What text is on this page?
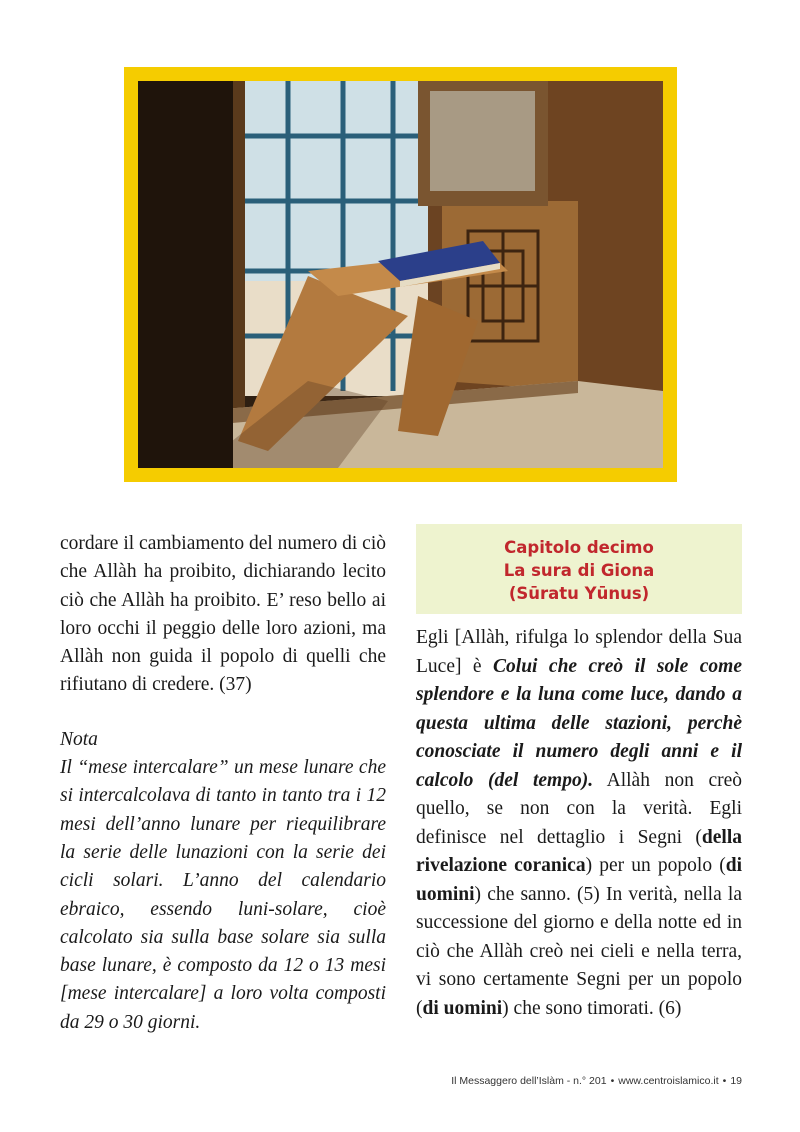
cordare il cambiamento del numero di ciò che Allàh ha proibito, dichiarando lecito ciò che Allàh ha proibito. E’ reso bello ai loro occhi il peggio delle loro azioni, ma Allàh non guida il popolo di quelli che rifiutano di credere. (37)

Nota
Il “mese intercalare” un mese lunare che si intercalcolava di tanto in tanto tra i 12 mesi dell’anno lunare per riequilibrare la serie delle lunazioni con la serie dei cicli solari. L’anno del calendario ebraico, essendo luni-solare, cioè calcolato sia sulla base solare sia sulla base lunare, è composto da 12 o 13 mesi [mese intercalare] a loro volta composti da 29 o 30 giorni.

Capitolo decimo
La sura di Giona
(Sūratu Yūnus)

Egli [Allàh, rifulga lo splendor della Sua Luce] è Colui che creò il sole come splendore e la luna come luce, dando a questa ultima delle stazioni, perchè conosciate il numero degli anni e il calcolo (del tempo). Allàh non creò quello, se non con la verità. Egli definisce nel dettaglio i Segni (della rivelazione coranica) per un popolo (di uomini) che sanno. (5) In verità, nella la successione del giorno e della notte ed in ciò che Allàh creò nei cieli e nella terra, vi sono certamente Segni per un popolo (di uomini) che sono timorati. (6)

Il Messaggero dell’Islàm - n.° 201 • www.centroislamico.it • 19
